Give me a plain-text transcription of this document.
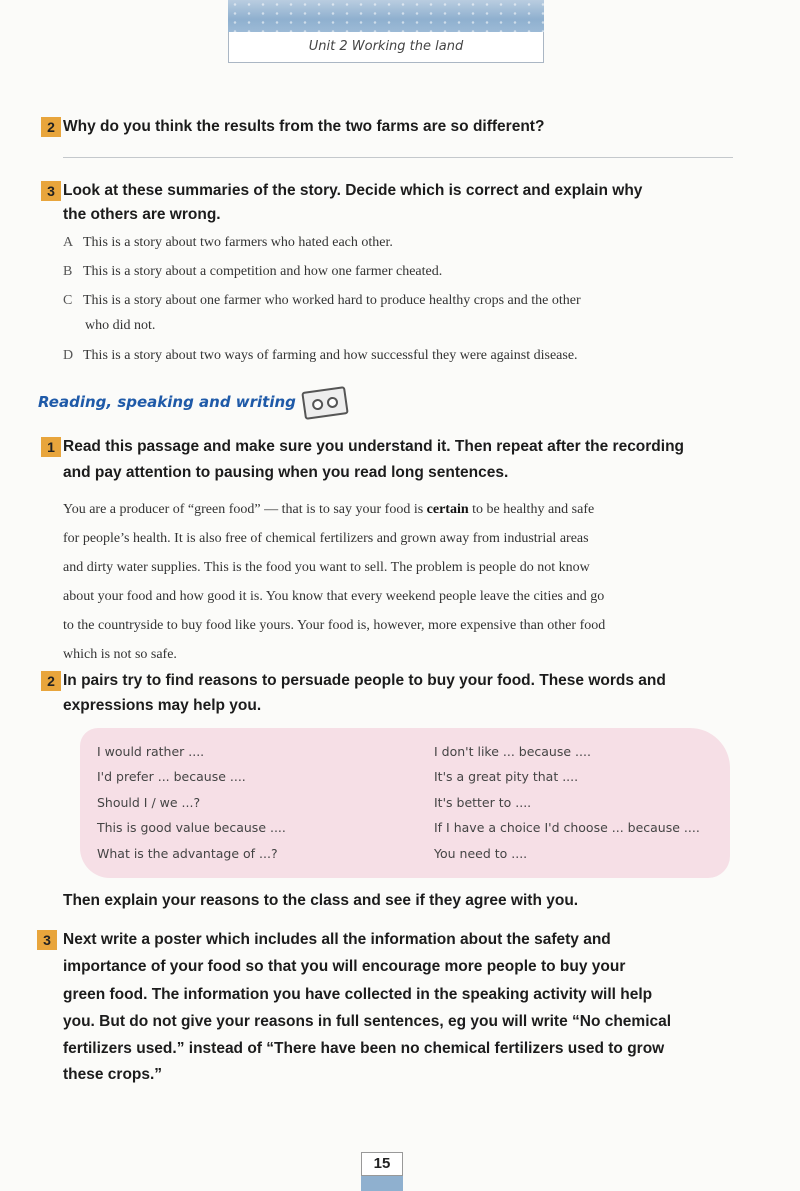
Unit 2 Working the land
2 Why do you think the results from the two farms are so different?
3 Look at these summaries of the story. Decide which is correct and explain why
the others are wrong.
A This is a story about two farmers who hated each other.
B This is a story about a competition and how one farmer cheated.
C This is a story about one farmer who worked hard to produce healthy crops and the other
who did not.
D This is a story about two ways of farming and how successful they were against disease.
Reading, speaking and writing
1 Read this passage and make sure you understand it. Then repeat after the recording
and pay attention to pausing when you read long sentences.
You are a producer of “green food” — that is to say your food is certain to be healthy and safe
for people’s health. It is also free of chemical fertilizers and grown away from industrial areas
and dirty water supplies. This is the food you want to sell. The problem is people do not know
about your food and how good it is. You know that every weekend people leave the cities and go
to the countryside to buy food like yours. Your food is, however, more expensive than other food
which is not so safe.
2 In pairs try to find reasons to persuade people to buy your food. These words and
expressions may help you.
I would rather ....
I'd prefer ... because ....
Should I / we ...?
This is good value because ....
What is the advantage of ...?
I don't like ... because ....
It's a great pity that ....
It's better to ....
If I have a choice I'd choose ... because ....
You need to ....
Then explain your reasons to the class and see if they agree with you.
3 Next write a poster which includes all the information about the safety and
importance of your food so that you will encourage more people to buy your
green food. The information you have collected in the speaking activity will help
you. But do not give your reasons in full sentences, eg you will write “No chemical
fertilizers used.” instead of “There have been no chemical fertilizers used to grow
these crops.”
15
